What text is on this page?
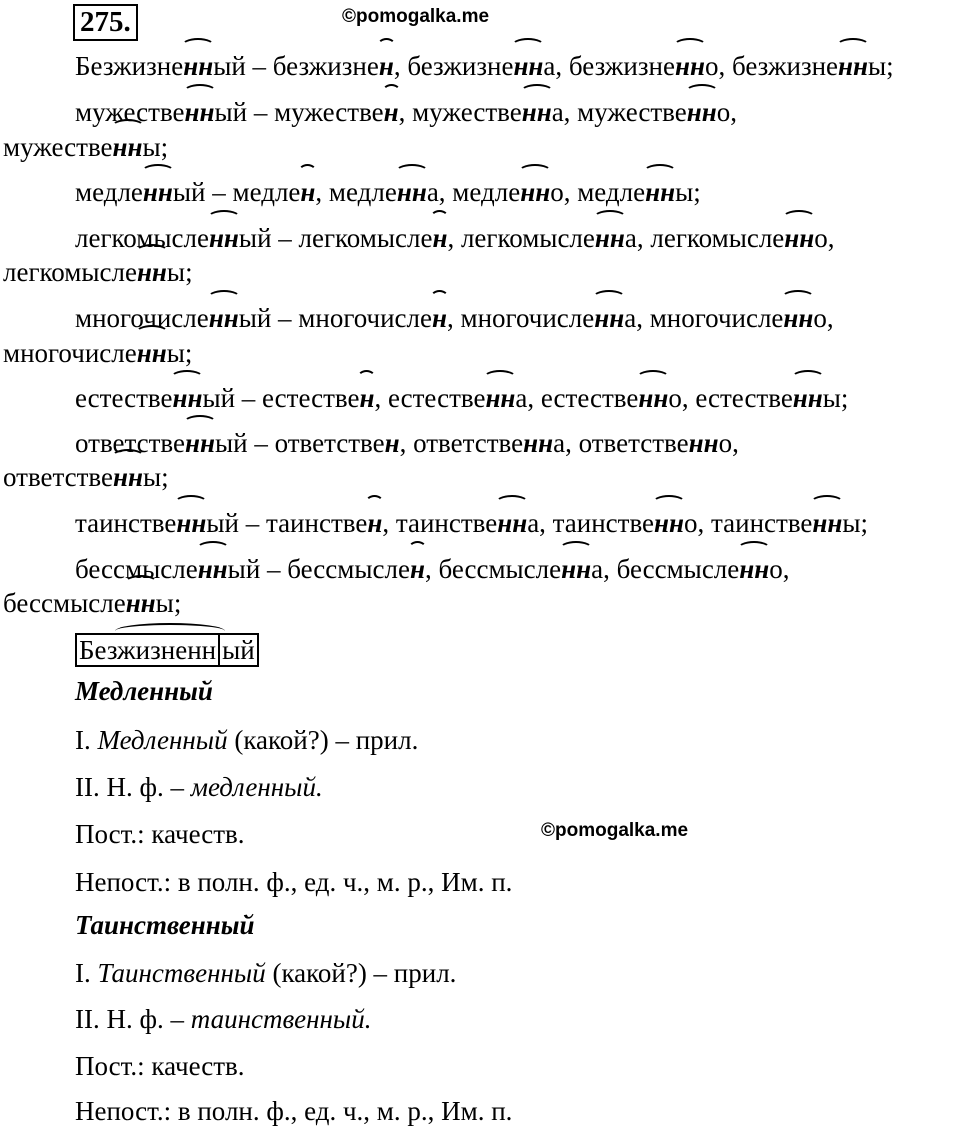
275.	©pomogalka.me
Безжизненный – безжизнен, безжизненна, безжизненно, безжизненны;
мужественный – мужествен, мужественна, мужественно,
мужественны;
медленный – медлен, медленна, медленно, медленны;
легкомысленный – легкомыслен, легкомысленна, легкомысленно,
легкомысленны;
многочисленный – многочислен, многочисленна, многочисленно,
многочисленны;
естественный – естествен, естественна, естественно, естественны;
ответственный – ответствен, ответственна, ответственно,
ответственны;
таинственный – таинствен, таинственна, таинственно, таинственны;
бессмысленный – бессмыслен, бессмысленна, бессмысленно,
бессмысленны;
Безжизненн ый
Медленный
I. Медленный (какой?) – прил.
II. Н. ф. – медленный.
Пост.: качеств.	©pomogalka.me
Непост.: в полн. ф., ед. ч., м. р., Им. п.
Таинственный
I. Таинственный (какой?) – прил.
II. Н. ф. – таинственный.
Пост.: качеств.
Непост.: в полн. ф., ед. ч., м. р., Им. п.
